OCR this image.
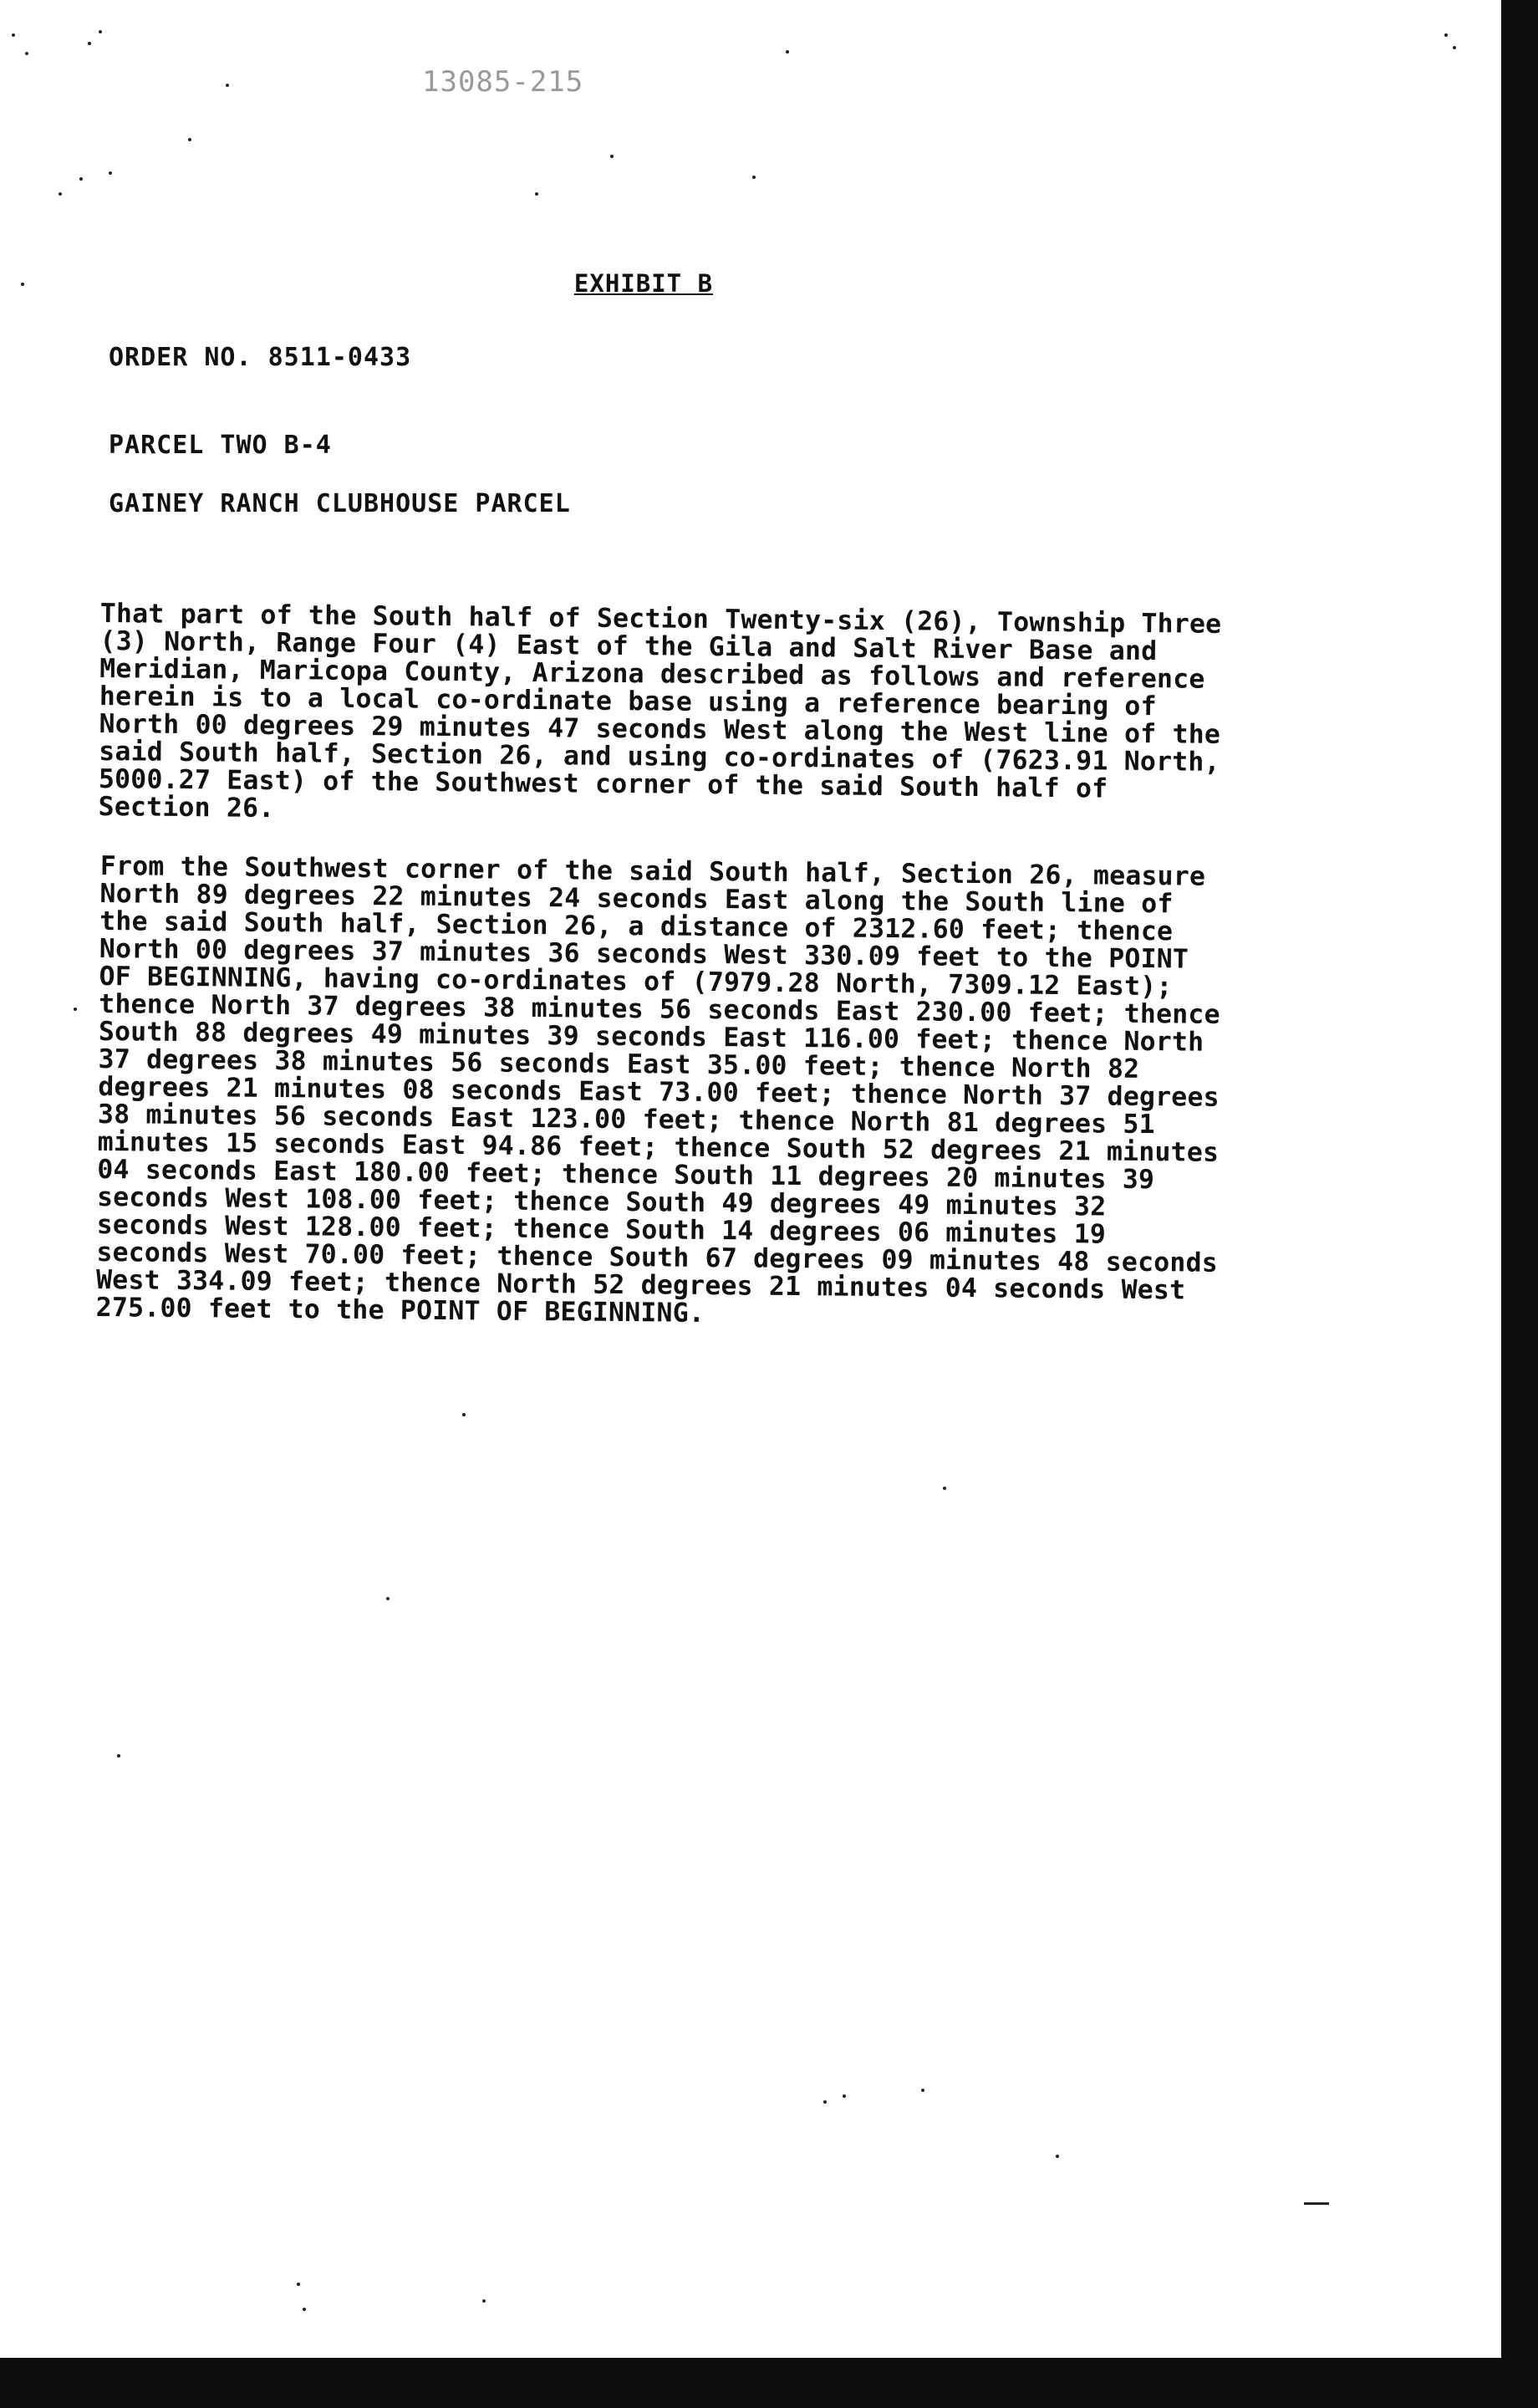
13085-215
EXHIBIT B
ORDER NO. 8511-0433
PARCEL TWO B-4
GAINEY RANCH CLUBHOUSE PARCEL

That part of the South half of Section Twenty-six (26), Township Three
(3) North, Range Four (4) East of the Gila and Salt River Base and
Meridian, Maricopa County, Arizona described as follows and reference
herein is to a local co-ordinate base using a reference bearing of
North 00 degrees 29 minutes 47 seconds West along the West line of the
said South half, Section 26, and using co-ordinates of (7623.91 North,
5000.27 East) of the Southwest corner of the said South half of
Section 26.

From the Southwest corner of the said South half, Section 26, measure
North 89 degrees 22 minutes 24 seconds East along the South line of
the said South half, Section 26, a distance of 2312.60 feet; thence
North 00 degrees 37 minutes 36 seconds West 330.09 feet to the POINT
OF BEGINNING, having co-ordinates of (7979.28 North, 7309.12 East);
thence North 37 degrees 38 minutes 56 seconds East 230.00 feet; thence
South 88 degrees 49 minutes 39 seconds East 116.00 feet; thence North
37 degrees 38 minutes 56 seconds East 35.00 feet; thence North 82
degrees 21 minutes 08 seconds East 73.00 feet; thence North 37 degrees
38 minutes 56 seconds East 123.00 feet; thence North 81 degrees 51
minutes 15 seconds East 94.86 feet; thence South 52 degrees 21 minutes
04 seconds East 180.00 feet; thence South 11 degrees 20 minutes 39
seconds West 108.00 feet; thence South 49 degrees 49 minutes 32
seconds West 128.00 feet; thence South 14 degrees 06 minutes 19
seconds West 70.00 feet; thence South 67 degrees 09 minutes 48 seconds
West 334.09 feet; thence North 52 degrees 21 minutes 04 seconds West
275.00 feet to the POINT OF BEGINNING.
